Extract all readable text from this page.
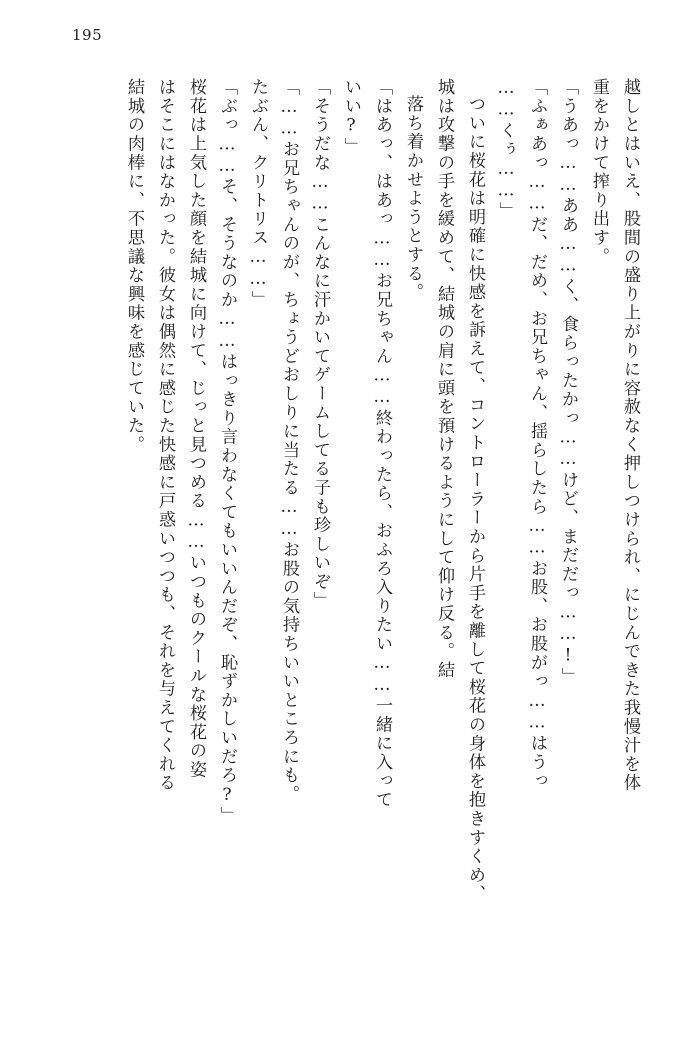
195
越しとはいえ、股間の盛り上がりに容赦なく押しつけられ、にじんできた我慢汁を体
重をかけて搾り出す。
「うあっ……ああ……く、食らったかっ……けど、まだだっ……!」
「ふぁあっ……だ、だめ、お兄ちゃん、揺らしたら……お股、お股がっ……はうっ
……くぅ……」
ついに桜花は明確に快感を訴えて、コントローラーから片手を離して桜花の身体を抱きすくめ、
城は攻撃の手を緩めて、結城の肩に頭を預けるようにして仰け反る。結
落ち着かせようとする。
「はあっ、はあっ……お兄ちゃん……終わったら、おふろ入りたい……一緒に入って
いい?」
「そうだな……こんなに汗かいてゲームしてる子も珍しいぞ」
「……お兄ちゃんのが、ちょうどおしりに当たる……お股の気持ちいいところにも。
たぶん、クリトリス……」
「ぶっ……そ、そうなのか……はっきり言わなくてもいいんだぞ、恥ずかしいだろ?」
桜花は上気した顔を結城に向けて、じっと見つめる……いつものクールな桜花の姿
はそこにはなかった。彼女は偶然に感じた快感に戸惑いつつも、それを与えてくれる
結城の肉棒に、不思議な興味を感じていた。
